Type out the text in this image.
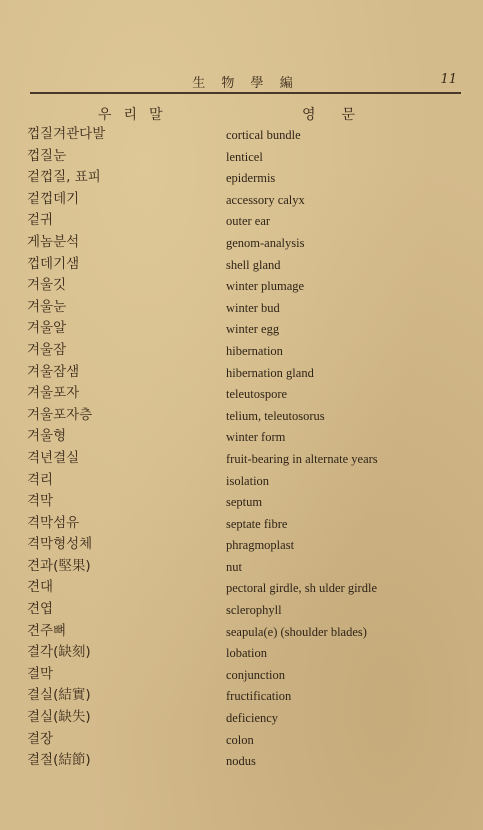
生 物 學 編	11
우리말	영문
껍질겨관다발	cortical bundle
껍질눈	lenticel
겉껍질, 표피	epidermis
겉껍데기	accessory calyx
겉귀	outer ear
게놈분석	genom-analysis
껍데기샘	shell gland
겨울깃	winter plumage
겨울눈	winter bud
겨울알	winter egg
겨울잠	hibernation
겨울잠샘	hibernation gland
겨울포자	teleutospore
겨울포자층	telium, teleutosorus
겨울형	winter form
격년결실	fruit-bearing in alternate years
격리	isolation
격막	septum
격막섬유	septate fibre
격막형성체	phragmoplast
견과(堅果)	nut
견대	pectoral girdle, sh ulder girdle
견엽	sclerophyll
견주뼈	seapula(e) (shoulder blades)
결각(缺刻)	lobation
결막	conjunction
결실(結實)	fructification
결실(缺失)	deficiency
결장	colon
결절(結節)	nodus
